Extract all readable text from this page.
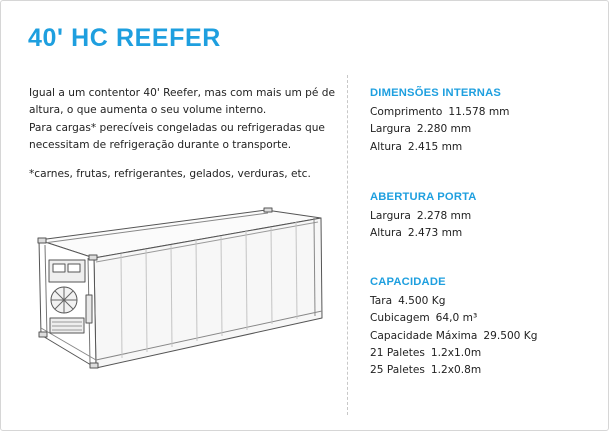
40' HC REEFER

Igual a um contentor 40' Reefer, mas com mais um pé de altura, o que aumenta o seu volume interno.

Para cargas* perecíveis congeladas ou refrigeradas que necessitam de refrigeração durante o transporte.

*carnes, frutas, refrigerantes, gelados, verduras, etc.

DIMENSÕES INTERNAS
Comprimento 11.578 mm
Largura 2.280 mm
Altura 2.415 mm
ABERTURA PORTA
Largura 2.278 mm
Altura 2.473 mm
CAPACIDADE
Tara 4.500 Kg
Cubicagem 64,0 m³
Capacidade Máxima 29.500 Kg
21 Paletes 1.2x1.0m
25 Paletes 1.2x0.8m
